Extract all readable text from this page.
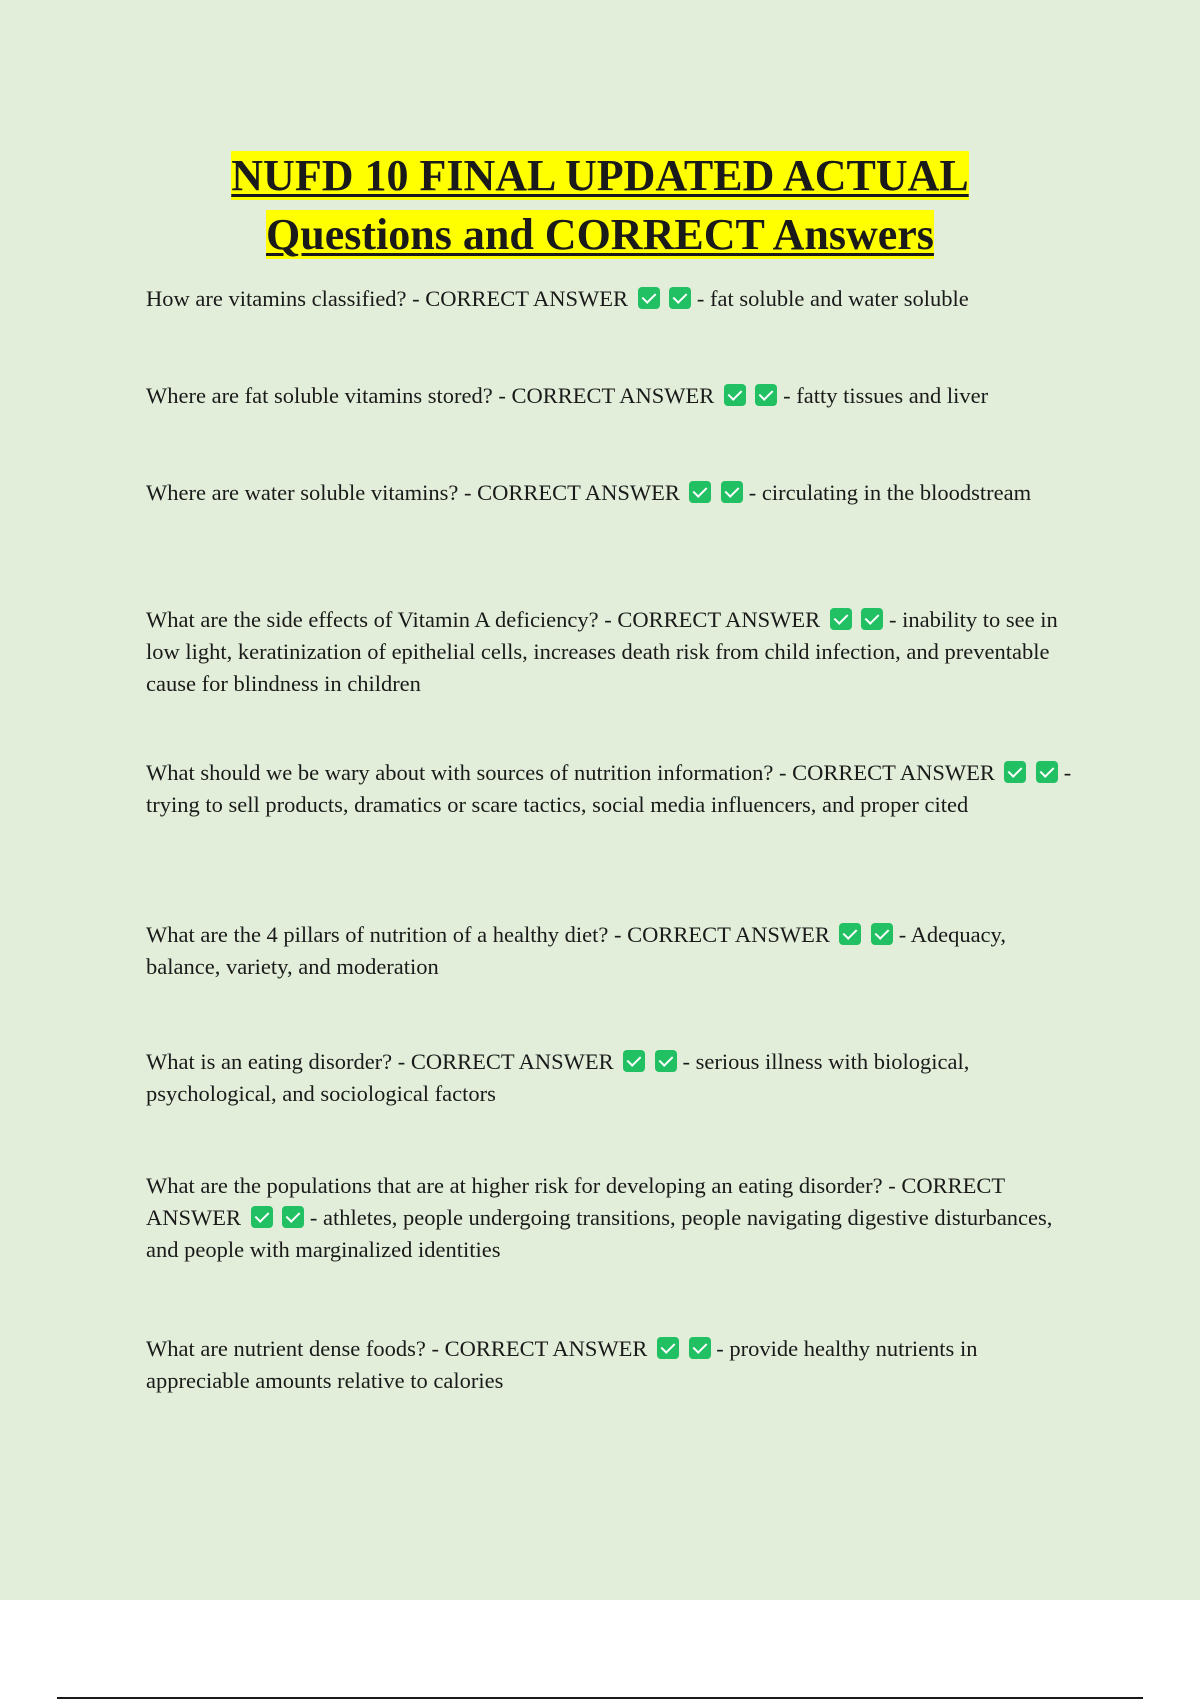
NUFD 10 FINAL UPDATED ACTUAL
Questions and CORRECT Answers

How are vitamins classified? - CORRECT ANSWER	- fat soluble and water soluble

Where are fat soluble vitamins stored? - CORRECT ANSWER	- fatty tissues and liver

Where are water soluble vitamins? - CORRECT ANSWER	- circulating in the bloodstream

What are the side effects of Vitamin A deficiency? - CORRECT ANSWER	- inability to see in low light, keratinization of epithelial cells, increases death risk from child infection, and preventable cause for blindness in children

What should we be wary about with sources of nutrition information? - CORRECT ANSWER	- trying to sell products, dramatics or scare tactics, social media influencers, and proper cited

What are the 4 pillars of nutrition of a healthy diet? - CORRECT ANSWER	- Adequacy, balance, variety, and moderation

What is an eating disorder? - CORRECT ANSWER	- serious illness with biological, psychological, and sociological factors

What are the populations that are at higher risk for developing an eating disorder? - CORRECT ANSWER	- athletes, people undergoing transitions, people navigating digestive disturbances, and people with marginalized identities

What are nutrient dense foods? - CORRECT ANSWER	- provide healthy nutrients in appreciable amounts relative to calories
